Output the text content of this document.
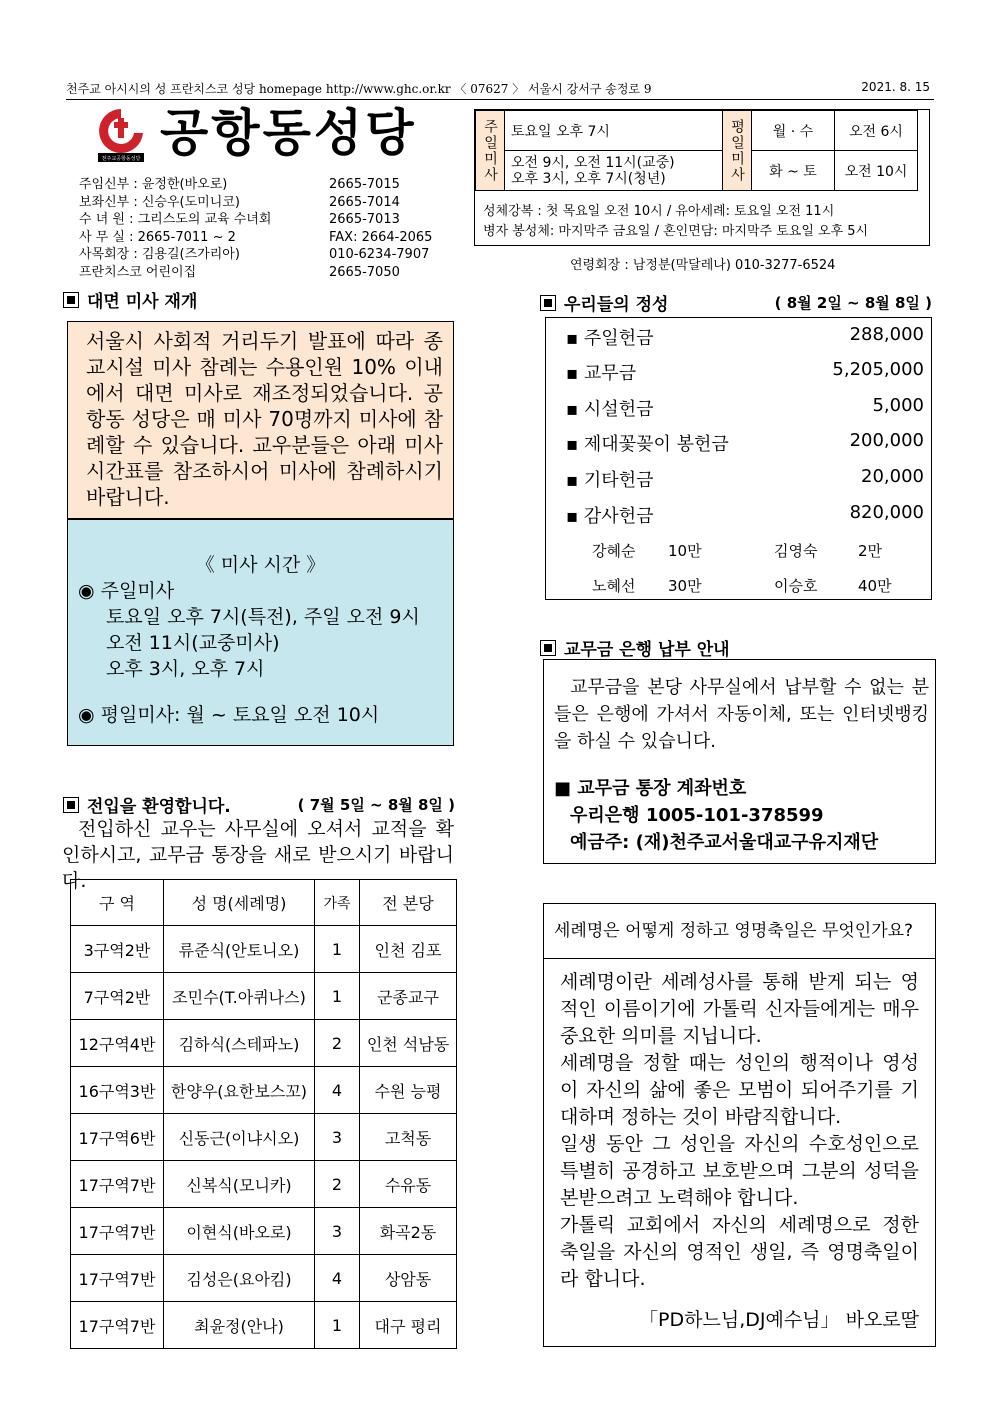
천주교 아시시의 성 프란치스코 성당 homepage http://www.ghc.or.kr 〈 07627 〉 서울시 강서구 송정로 9	2021. 8. 15
천주교공항동성당 공항동성당
주임신부 : 윤정한(바오로)	2665-7015
보좌신부 : 신승우(도미니코)	2665-7014
수 녀 원 : 그리스도의 교육 수녀회	2665-7013
사 무 실 : 2665-7011 ~ 2	FAX: 2664-2065
사목회장 : 김용길(즈가리아)	010-6234-7907
프란치스코 어린이집	2665-7050
주일미사	토요일 오후 7시	평일미사	월 · 수	오전 6시

	오전 9시, 오전 11시(교중)
오후 3시, 오후 7시(청년)		화 ~ 토	오전 10시
성체강복 : 첫 목요일 오전 10시 / 유아세례: 토요일 오전 11시
병자 봉성체: 마지막주 금요일 / 혼인면담: 마지막주 토요일 오후 5시
연령회장 : 남정분(막달레나) 010-3277-6524
대면 미사 재개
서울시 사회적 거리두기 발표에 따라 종교시설 미사 참례는 수용인원 10% 이내에서 대면 미사로 재조정되었습니다. 공항동 성당은 매 미사 70명까지 미사에 참례할 수 있습니다. 교우분들은 아래 미사 시간표를 참조하시어 미사에 참례하시기 바랍니다.
《 미사 시간 》
◉ 주일미사
토요일 오후 7시(특전), 주일 오전 9시
오전 11시(교중미사)
오후 3시, 오후 7시
◉ 평일미사: 월 ~ 토요일 오전 10시
우리들의 정성	( 8월 2일 ~ 8월 8일 )
▪ 주일헌금	288,000
▪ 교무금	5,205,000
▪ 시설헌금	5,000
▪ 제대꽃꽂이 봉헌금	200,000
▪ 기타헌금	20,000
▪ 감사헌금	820,000
강혜순 10만	김영숙	2만
노혜선 30만	이승호	40만
교무금 은행 납부 안내
교무금을 본당 사무실에서 납부할 수 없는 분들은 은행에 가셔서 자동이체, 또는 인터넷뱅킹을 하실 수 있습니다.
■ 교무금 통장 계좌번호
우리은행 1005-101-378599
예금주: (재)천주교서울대교구유지재단
전입을 환영합니다.	( 7월 5일 ~ 8월 8일 )
전입하신 교우는 사무실에 오셔서 교적을 확인하시고, 교무금 통장을 새로 받으시기 바랍니다.
구 역	성 명(세례명)	가족	전 본당
3구역2반	류준식(안토니오)	1	인천 김포
7구역2반	조민수(T.아퀴나스)	1	군종교구
12구역4반	김하식(스테파노)	2	인천 석남동
16구역3반	한양우(요한보스꼬)	4	수원 능평
17구역6반	신동근(이냐시오)	3	고척동
17구역7반	신복식(모니카)	2	수유동
17구역7반	이현식(바오로)	3	화곡2동
17구역7반	김성은(요아킴)	4	상암동
17구역7반	최윤정(안나)	1	대구 평리
세례명은 어떻게 정하고 영명축일은 무엇인가요?
세례명이란 세례성사를 통해 받게 되는 영적인 이름이기에 가톨릭 신자들에게는 매우 중요한 의미를 지닙니다.
세례명을 정할 때는 성인의 행적이나 영성이 자신의 삶에 좋은 모범이 되어주기를 기대하며 정하는 것이 바람직합니다.
일생 동안 그 성인을 자신의 수호성인으로 특별히 공경하고 보호받으며 그분의 성덕을 본받으려고 노력해야 합니다.
가톨릭 교회에서 자신의 세례명으로 정한 축일을 자신의 영적인 생일, 즉 영명축일이라 합니다.
「PD하느님,DJ예수님」 바오로딸
